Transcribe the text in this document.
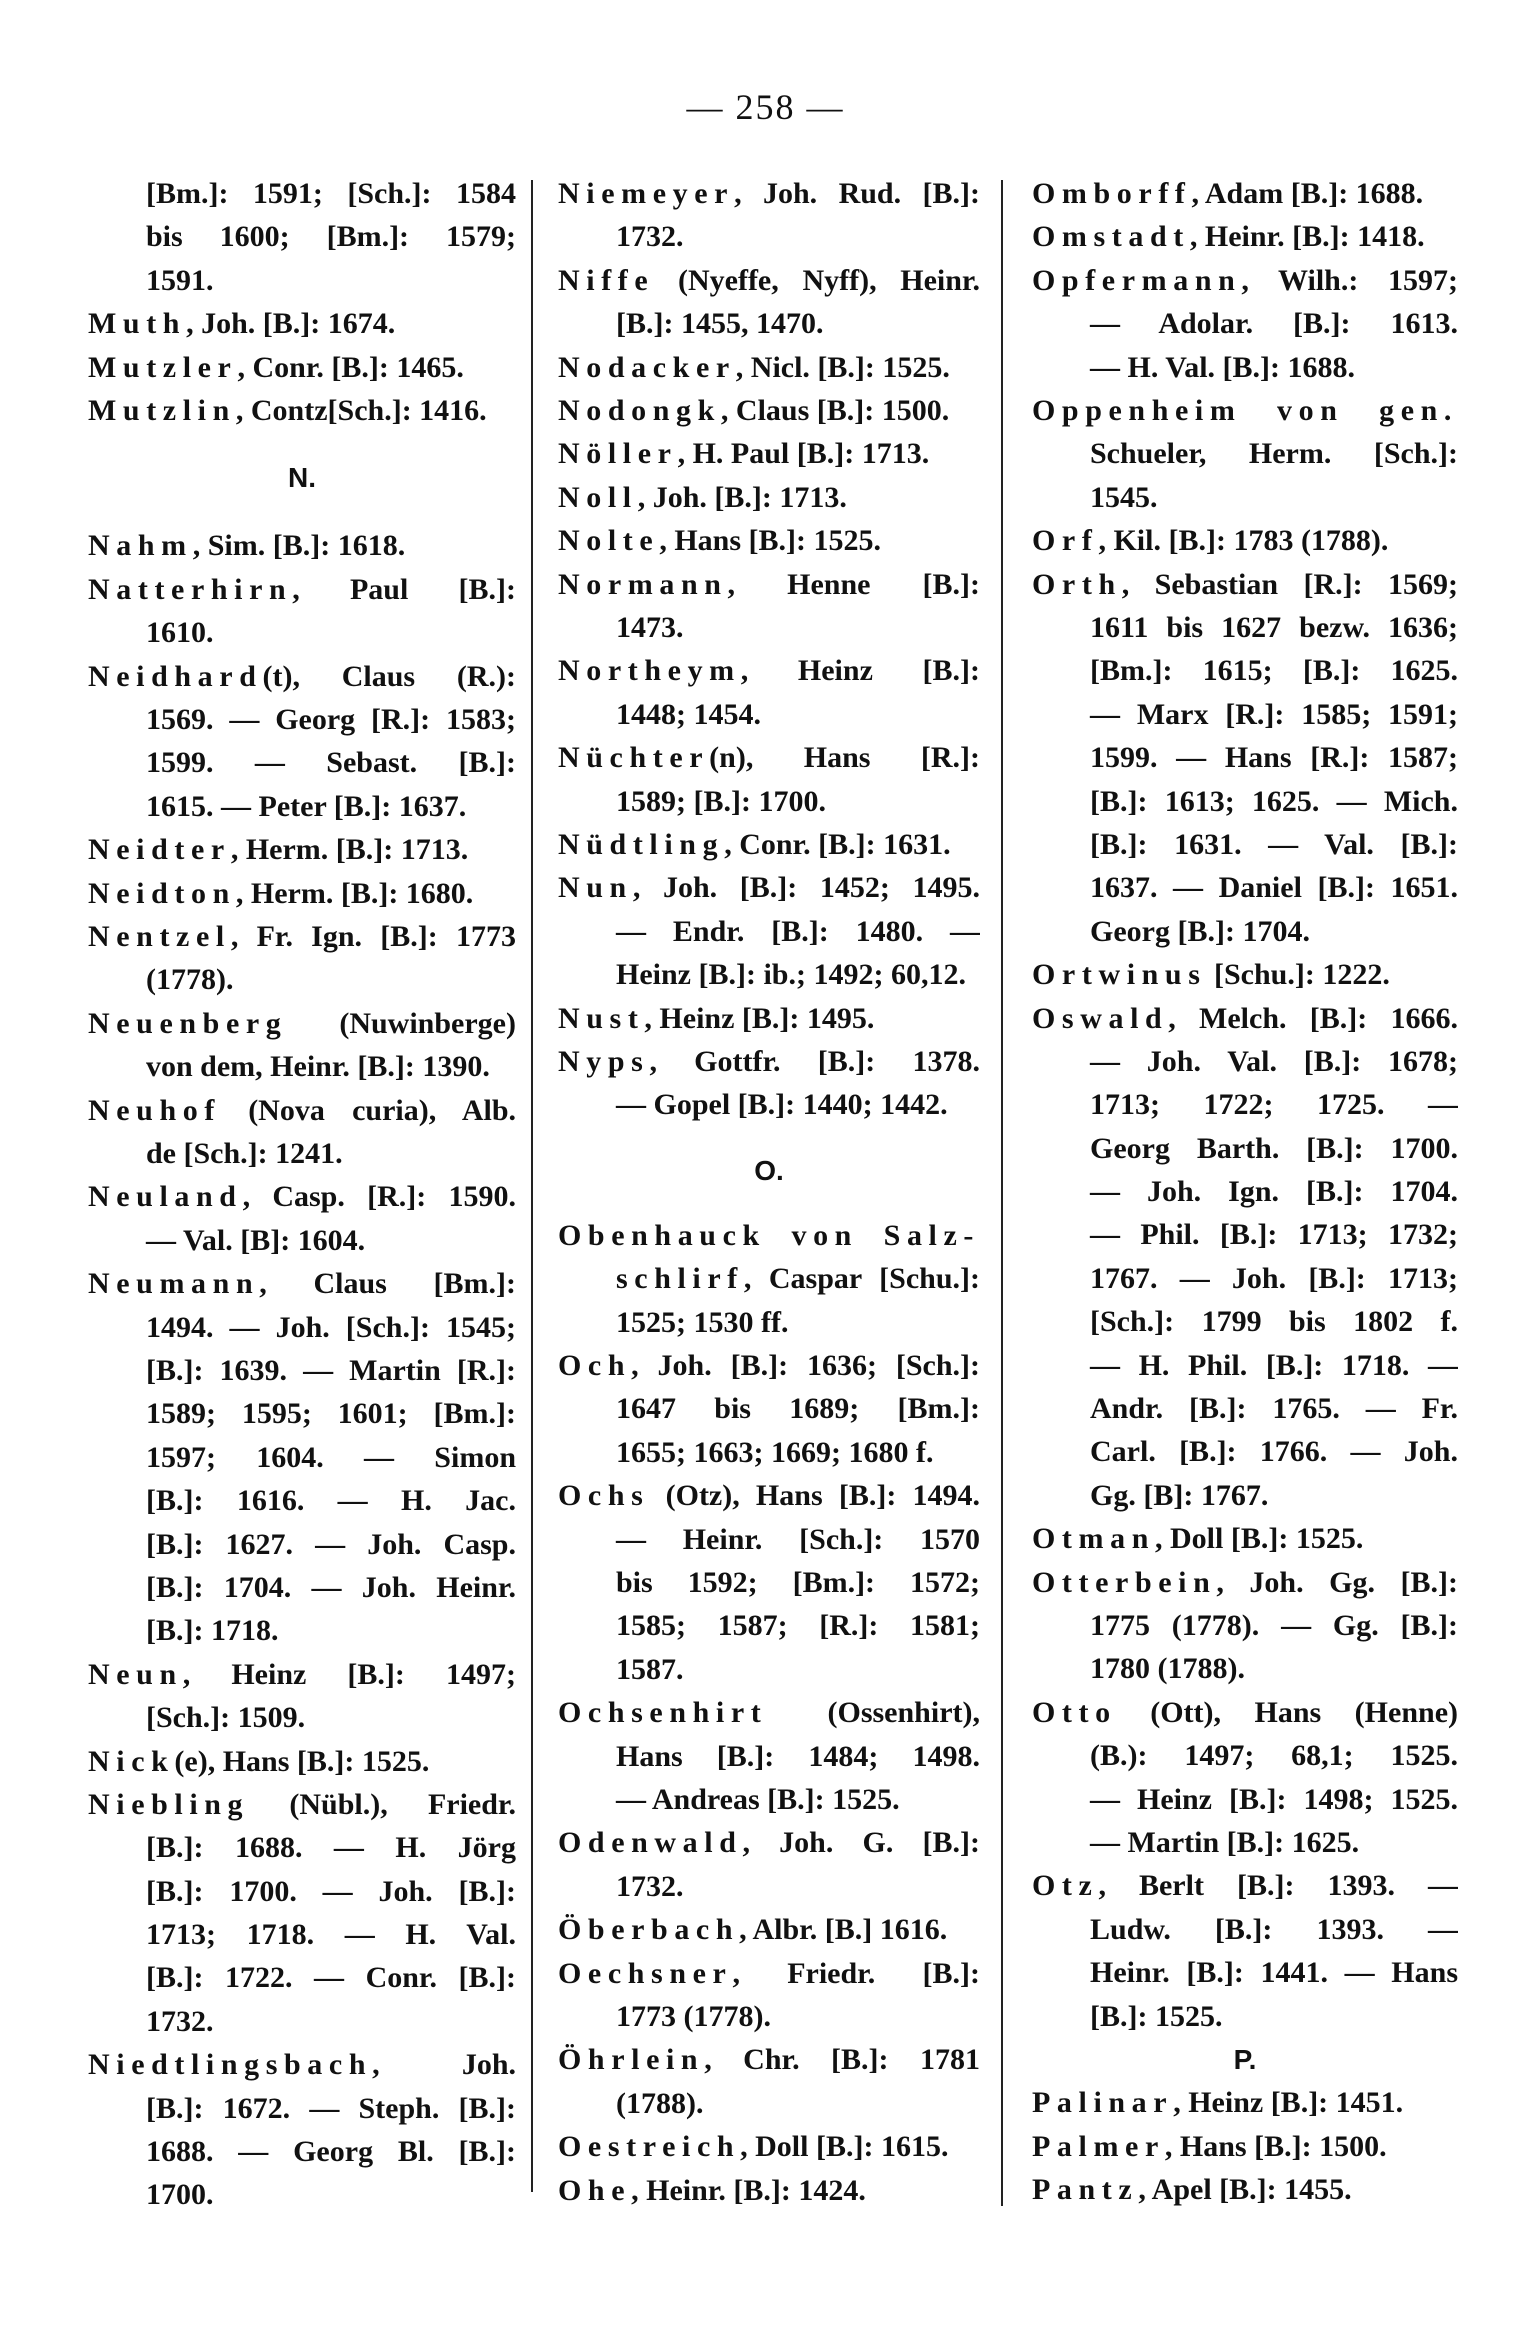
— 258 —
[Bm.]: 1591; [Sch.]: 1584
bis 1600; [Bm.]: 1579;
1591.
Muth, Joh. [B.]: 1674.
Mutzler, Conr. [B.]: 1465.
Mutzlin, Contz[Sch.]: 1416.
N.
Nahm, Sim. [B.]: 1618.
Natterhirn, Paul [B.]:
1610.
Neidhard(t), Claus (R.):
1569. — Georg [R.]: 1583;
1599. — Sebast. [B.]:
1615. — Peter [B.]: 1637.
Neidter, Herm. [B.]: 1713.
Neidton, Herm. [B.]: 1680.
Nentzel, Fr. Ign. [B.]: 1773
(1778).
Neuenberg (Nuwinberge)
von dem, Heinr. [B.]: 1390.
Neuhof (Nova curia), Alb.
de [Sch.]: 1241.
Neuland, Casp. [R.]: 1590.
— Val. [B]: 1604.
Neumann, Claus [Bm.]:
1494. — Joh. [Sch.]: 1545;
[B.]: 1639. — Martin [R.]:
1589; 1595; 1601; [Bm.]:
1597; 1604. — Simon
[B.]: 1616. — H. Jac.
[B.]: 1627. — Joh. Casp.
[B.]: 1704. — Joh. Heinr.
[B.]: 1718.
Neun, Heinz [B.]: 1497;
[Sch.]: 1509.
Nick(e), Hans [B.]: 1525.
Niebling (Nübl.), Friedr.
[B.]: 1688. — H. Jörg
[B.]: 1700. — Joh. [B.]:
1713; 1718. — H. Val.
[B.]: 1722. — Conr. [B.]:
1732.
Niedtlingsbach, Joh.
[B.]: 1672. — Steph. [B.]:
1688. — Georg Bl. [B.]:
1700.
Niemeyer, Joh. Rud. [B.]:
1732.
Niffe (Nyeffe, Nyff), Heinr.
[B.]: 1455, 1470.
Nodacker, Nicl. [B.]: 1525.
Nodongk, Claus [B.]: 1500.
Nöller, H. Paul [B.]: 1713.
Noll, Joh. [B.]: 1713.
Nolte, Hans [B.]: 1525.
Normann, Henne [B.]:
1473.
Northeym, Heinz [B.]:
1448; 1454.
Nüchter(n), Hans [R.]:
1589; [B.]: 1700.
Nüdtling, Conr. [B.]: 1631.
Nun, Joh. [B.]: 1452; 1495.
— Endr. [B.]: 1480. —
Heinz [B.]: ib.; 1492; 60,12.
Nust, Heinz [B.]: 1495.
Nyps, Gottfr. [B.]: 1378.
— Gopel [B.]: 1440; 1442.
O.
Obenhauck von Salz-
schlirf, Caspar [Schu.]:
1525; 1530 ff.
Och, Joh. [B.]: 1636; [Sch.]:
1647 bis 1689; [Bm.]:
1655; 1663; 1669; 1680 f.
Ochs (Otz), Hans [B.]: 1494.
— Heinr. [Sch.]: 1570
bis 1592; [Bm.]: 1572;
1585; 1587; [R.]: 1581;
1587.
Ochsenhirt (Ossenhirt),
Hans [B.]: 1484; 1498.
— Andreas [B.]: 1525.
Odenwald, Joh. G. [B.]:
1732.
Öberbach, Albr. [B.] 1616.
Oechsner, Friedr. [B.]:
1773 (1778).
Öhrlein, Chr. [B.]: 1781
(1788).
Oestreich, Doll [B.]: 1615.
Ohe, Heinr. [B.]: 1424.
Omborff, Adam [B.]: 1688.
Omstadt, Heinr. [B.]: 1418.
Opfermann, Wilh.: 1597;
— Adolar. [B.]: 1613.
— H. Val. [B.]: 1688.
Oppenheim von gen.
Schueler, Herm. [Sch.]:
1545.
Orf, Kil. [B.]: 1783 (1788).
Orth, Sebastian [R.]: 1569;
1611 bis 1627 bezw. 1636;
[Bm.]: 1615; [B.]: 1625.
— Marx [R.]: 1585; 1591;
1599. — Hans [R.]: 1587;
[B.]: 1613; 1625. — Mich.
[B.]: 1631. — Val. [B.]:
1637. — Daniel [B.]: 1651.
Georg [B.]: 1704.
Ortwinus [Schu.]: 1222.
Oswald, Melch. [B.]: 1666.
— Joh. Val. [B.]: 1678;
1713; 1722; 1725. —
Georg Barth. [B.]: 1700.
— Joh. Ign. [B.]: 1704.
— Phil. [B.]: 1713; 1732;
1767. — Joh. [B.]: 1713;
[Sch.]: 1799 bis 1802 f.
— H. Phil. [B.]: 1718. —
Andr. [B.]: 1765. — Fr.
Carl. [B.]: 1766. — Joh.
Gg. [B]: 1767.
Otman, Doll [B.]: 1525.
Otterbein, Joh. Gg. [B.]:
1775 (1778). — Gg. [B.]:
1780 (1788).
Otto (Ott), Hans (Henne)
(B.): 1497; 68,1; 1525.
— Heinz [B.]: 1498; 1525.
— Martin [B.]: 1625.
Otz, Berlt [B.]: 1393. —
Ludw. [B.]: 1393. —
Heinr. [B.]: 1441. — Hans
[B.]: 1525.
P.
Palinar, Heinz [B.]: 1451.
Palmer, Hans [B.]: 1500.
Pantz, Apel [B.]: 1455.
